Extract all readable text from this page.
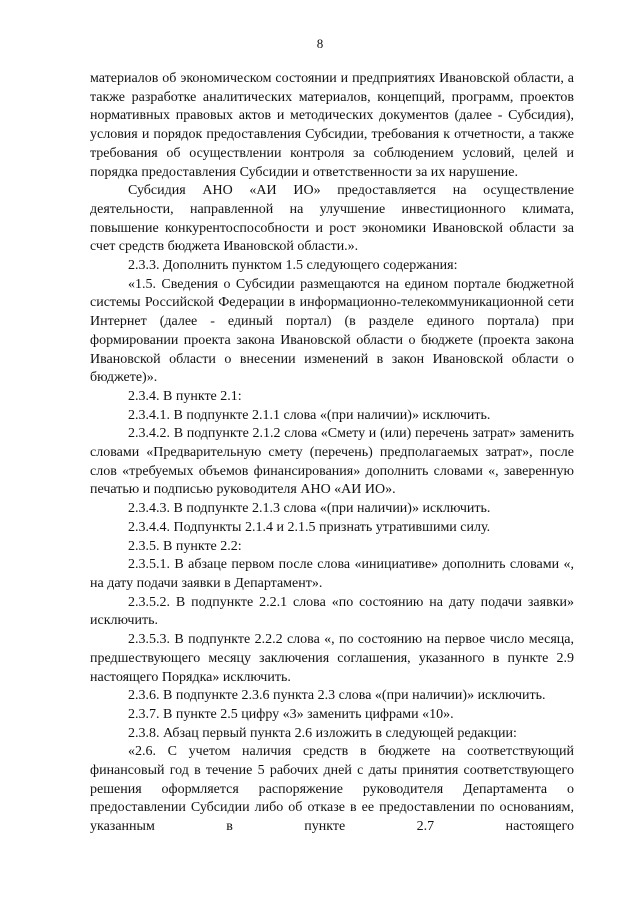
8

материалов об экономическом состоянии и предприятиях Ивановской области, а также разработке аналитических материалов, концепций, программ, проектов нормативных правовых актов и методических документов (далее - Субсидия), условия и порядок предоставления Субсидии, требования к отчетности, а также требования об осуществлении контроля за соблюдением условий, целей и порядка предоставления Субсидии и ответственности за их нарушение.

Субсидия АНО «АИ ИО» предоставляется на осуществление деятельности, направленной на улучшение инвестиционного климата, повышение конкурентоспособности и рост экономики Ивановской области за счет средств бюджета Ивановской области.».

2.3.3. Дополнить пунктом 1.5 следующего содержания:

«1.5. Сведения о Субсидии размещаются на едином портале бюджетной системы Российской Федерации в информационно-телекоммуникационной сети Интернет (далее - единый портал) (в разделе единого портала) при формировании проекта закона Ивановской области о бюджете (проекта закона Ивановской области о внесении изменений в закон Ивановской области о бюджете)».

2.3.4. В пункте 2.1:

2.3.4.1. В подпункте 2.1.1 слова «(при наличии)» исключить.

2.3.4.2. В подпункте 2.1.2 слова «Смету и (или) перечень затрат» заменить словами «Предварительную смету (перечень) предполагаемых затрат», после слов «требуемых объемов финансирования» дополнить словами «, заверенную печатью и подписью руководителя АНО «АИ ИО».

2.3.4.3. В подпункте 2.1.3 слова «(при наличии)» исключить.

2.3.4.4. Подпункты 2.1.4 и 2.1.5 признать утратившими силу.

2.3.5. В пункте 2.2:

2.3.5.1. В абзаце первом после слова «инициативе» дополнить словами «, на дату подачи заявки в Департамент».

2.3.5.2. В подпункте 2.2.1 слова «по состоянию на дату подачи заявки» исключить.

2.3.5.3. В подпункте 2.2.2 слова «, по состоянию на первое число месяца, предшествующего месяцу заключения соглашения, указанного в пункте 2.9 настоящего Порядка» исключить.

2.3.6. В подпункте 2.3.6 пункта 2.3 слова «(при наличии)» исключить.

2.3.7. В пункте 2.5 цифру «3» заменить цифрами «10».

2.3.8. Абзац первый пункта 2.6 изложить в следующей редакции:

«2.6. С учетом наличия средств в бюджете на соответствующий финансовый год в течение 5 рабочих дней с даты принятия соответствующего решения оформляется распоряжение руководителя Департамента о предоставлении Субсидии либо об отказе в ее предоставлении по основаниям, указанным в пункте 2.7 настоящего
